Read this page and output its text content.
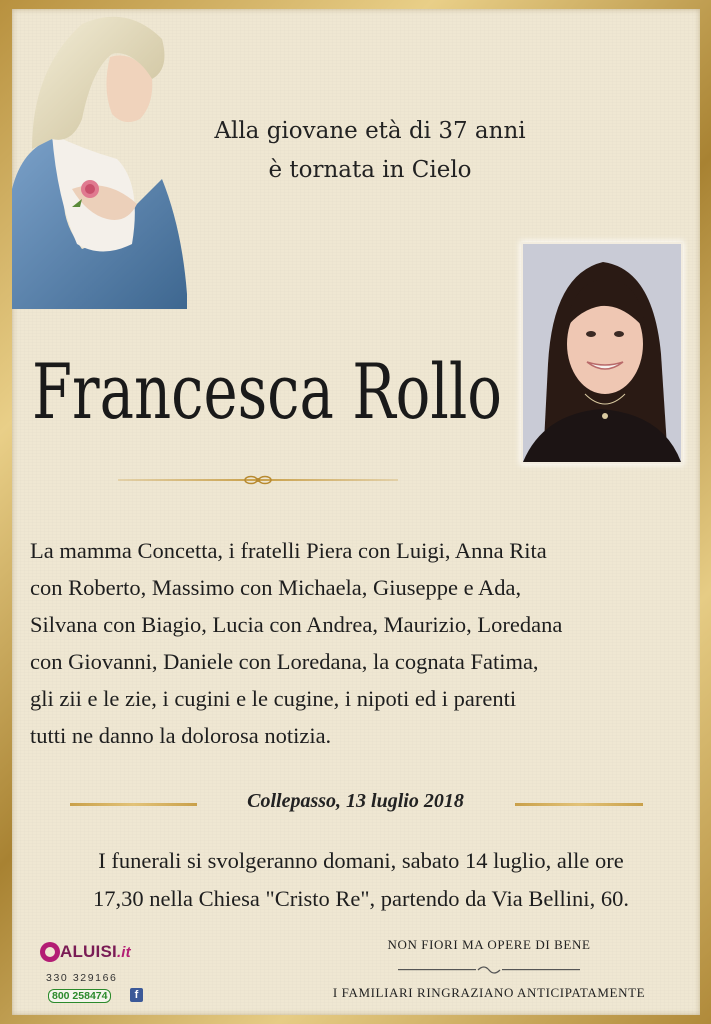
Alla giovane età di 37 anni
è tornata in Cielo
Francesca Rollo
La mamma Concetta, i fratelli Piera con Luigi, Anna Rita
con Roberto, Massimo con Michaela, Giuseppe e Ada,
Silvana con Biagio, Lucia con Andrea, Maurizio, Loredana
con Giovanni, Daniele con Loredana, la cognata Fatima,
gli zii e le zie, i cugini e le cugine, i nipoti ed i parenti
tutti ne danno la dolorosa notizia.
Collepasso, 13 luglio 2018
I funerali si svolgeranno domani, sabato 14 luglio, alle ore
17,30 nella Chiesa "Cristo Re", partendo da Via Bellini, 60.
ALUISI.it
330 329166
800 258474	f
NON FIORI MA OPERE DI BENE
I FAMILIARI RINGRAZIANO ANTICIPATAMENTE
